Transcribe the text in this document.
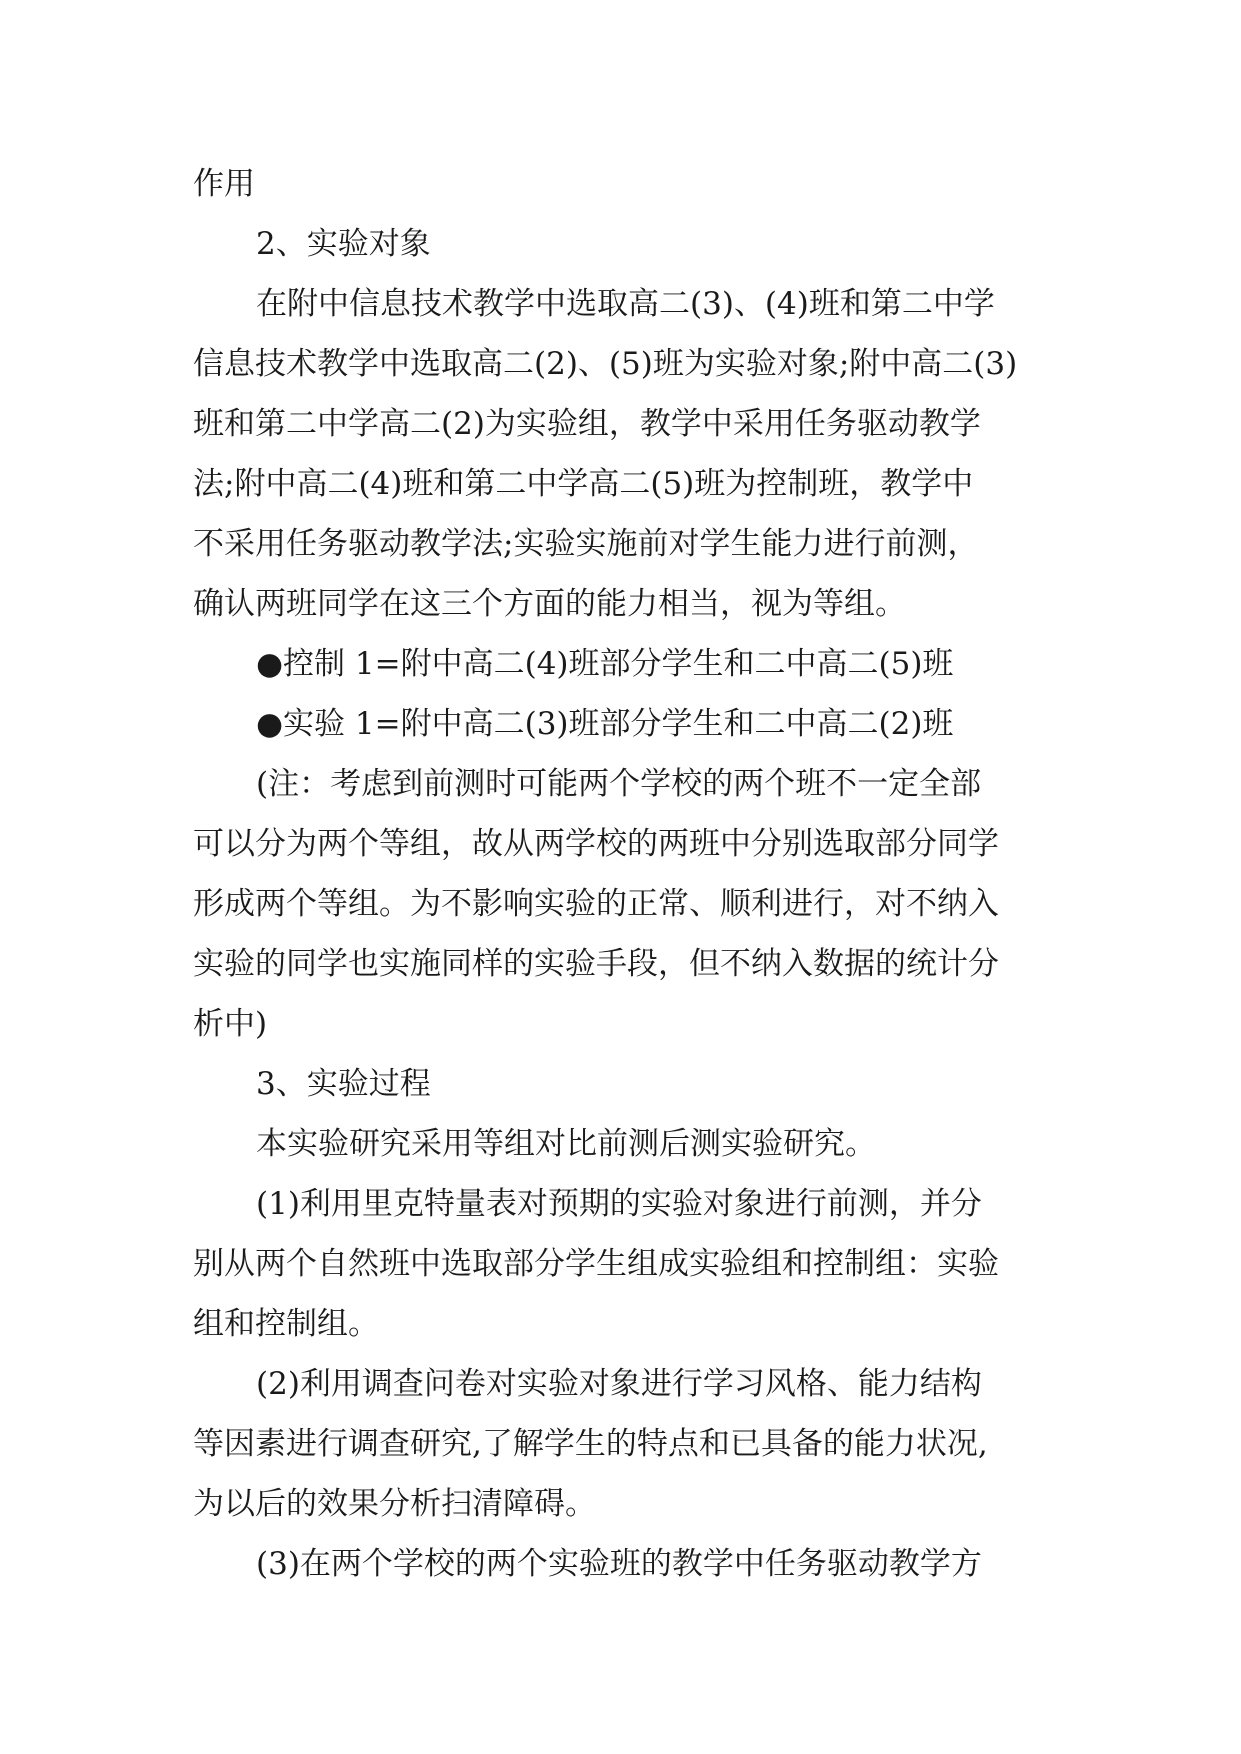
作用
2、实验对象
在附中信息技术教学中选取高二(3)、(4)班和第二中学
信息技术教学中选取高二(2)、(5)班为实验对象;附中高二(3)
班和第二中学高二(2)为实验组，教学中采用任务驱动教学
法;附中高二(4)班和第二中学高二(5)班为控制班，教学中
不采用任务驱动教学法;实验实施前对学生能力进行前测，
确认两班同学在这三个方面的能力相当，视为等组。
●控制 1=附中高二(4)班部分学生和二中高二(5)班
●实验 1=附中高二(3)班部分学生和二中高二(2)班
(注：考虑到前测时可能两个学校的两个班不一定全部
可以分为两个等组，故从两学校的两班中分别选取部分同学
形成两个等组。为不影响实验的正常、顺利进行，对不纳入
实验的同学也实施同样的实验手段，但不纳入数据的统计分
析中)
3、实验过程
本实验研究采用等组对比前测后测实验研究。
(1)利用里克特量表对预期的实验对象进行前测，并分
别从两个自然班中选取部分学生组成实验组和控制组：实验
组和控制组。
(2)利用调查问卷对实验对象进行学习风格、能力结构
等因素进行调查研究,了解学生的特点和已具备的能力状况,
为以后的效果分析扫清障碍。
(3)在两个学校的两个实验班的教学中任务驱动教学方
